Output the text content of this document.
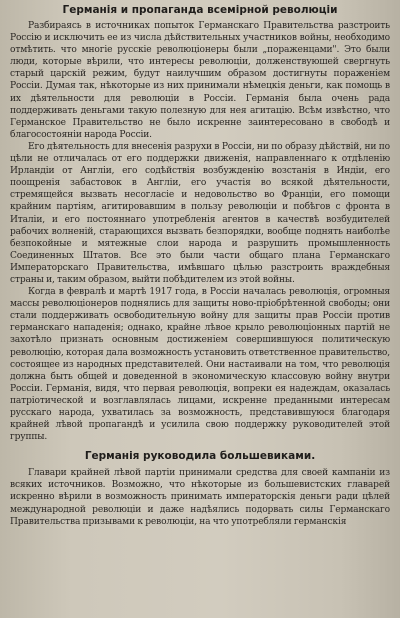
Германія и пропаганда всемірной революціи

Разбираясь в источниках попыток Германскаго Правительства разстроить Россію и исключить ее из числа дѣйствительных участников войны, необходимо отмѣтить. что многіе русскіе революціонеры были „пораженцами". Это были люди, которые вѣрили, что интересы революціи, долженствуюшей свергнуть старый царскій режим, будут наилучшим образом достигнуты пораженіем Россіи. Думая так, нѣкоторые из них принимали нѣмецкія деньги, как помощь в их дѣятельности для революціи в Россіи. Германія была очень рада поддерживать деньгами такую полезную для нея агитацію. Всѣм извѣстно, что Германское Правительство не было искренне заинтересовано в свободѣ и благосостояніи народа Россіи.

Его дѣятельность для внесенія разрухи в Россіи, ни по образу дѣйствій, ни по цѣли не отличалась от его поддержки движенія, направленнаго к отдѣленію Ирландіи от Англіи, его содѣйствія возбужденію возстанія в Индіи, его поощренія забастовок в Англіи, его участія во всякой дѣятельности, стремящейся вызвать несогласіе и недовольство во Франціи, его помощи крайним партіям, агитировавшим в пользу революціи и побѣгов с фронта в Италіи, и его постояннаго употребленія агентов в качествѣ возбудителей рабочих волненій, старающихся вызвать безпорядки, вообще поднять наиболѣе безпокойные и мятежные слои народа и разрушить промышленность Соединенных Штатов. Все это были части общаго плана Германскаго Императорскаго Правительства, имѣвшаго цѣлью разстроить враждебныя страны и, таким образом, выйти побѣдителем из этой войны.

Когда в февралѣ и мартѣ 1917 года, в Россіи началась революція, огромныя массы революціонеров поднялись для защиты ново-пріобрѣтенной свободы; они стали поддерживать освободительную войну для защиты прав Россіи против германскаго нападенія; однако, крайне лѣвое крыло революціонных партій не захотѣло признать основным достиженіем совершившуюся политическую революцію, которая дала возможность установить ответственное правительство, состоящее из народных представителей. Они настаивали на том, что революція должна быть общей и доведенной в экономическую классовую войну внутри Россіи. Германія, видя, что первая революція, вопреки ея надеждам, оказалась патріотической и возглавлялась лицами, искренне преданными интересам русскаго народа, ухватилась за возможность, представившуюся благодаря крайней лѣвой пропагандѣ и усилила свою поддержку руководителей этой группы.

Германія руководила большевиками.

Главари крайней лѣвой партіи принимали средства для своей кампаніи из всяких источников. Возможно, что нѣкоторые из большевистских главарей искренно вѣрили в возможность принимать императорскія деньги ради цѣлей международной революціи и даже надѣялись подорвать силы Германскаго Правительства призывами к революціи, на что употребляли германскія
